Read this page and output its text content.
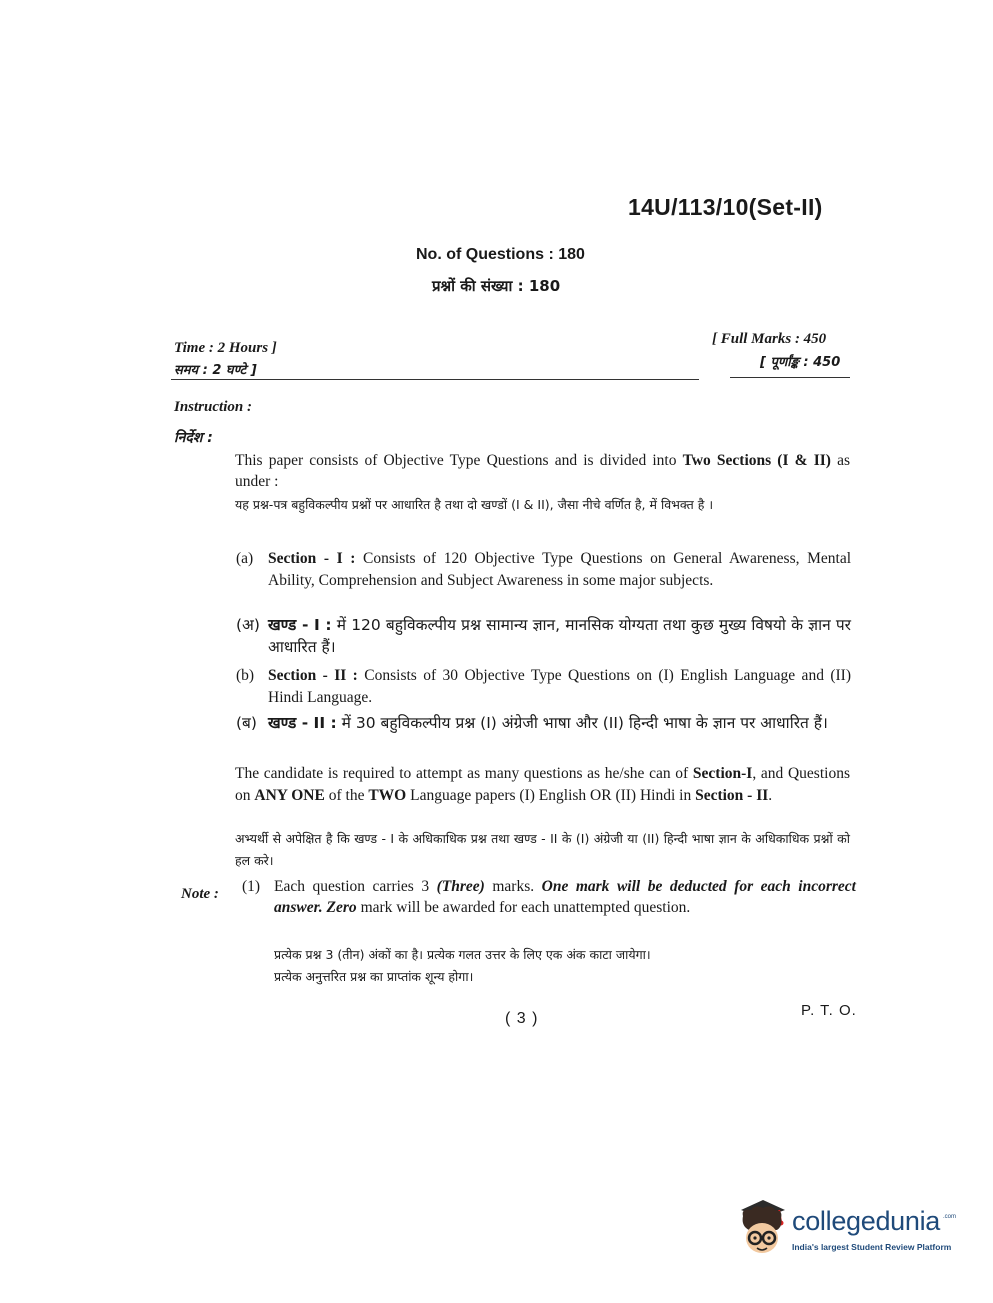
14U/113/10(Set-II)
No. of Questions : 180
प्रश्नों की संख्या : 180
Time : 2 Hours ]
समय : 2 घण्टे ]
[ Full Marks : 450
[ पूर्णांङ्क : 450
Instruction :
निर्देश :
This paper consists of Objective Type Questions and is divided into Two Sections (I & II) as under :
यह प्रश्न-पत्र बहुविकल्पीय प्रश्नों पर आधारित है तथा दो खण्डों (I & II), जैसा नीचे वर्णित है, में विभक्त है ।
(a) Section - I : Consists of 120 Objective Type Questions on General Awareness, Mental Ability, Comprehension and Subject Awareness in some major subjects.
(अ) खण्ड - I : में 120 बहुविकल्पीय प्रश्न सामान्य ज्ञान, मानसिक योग्यता तथा कुछ मुख्य विषयो के ज्ञान पर आधारित हैं।
(b) Section - II : Consists of 30 Objective Type Questions on (I) English Language and (II) Hindi Language.
(ब) खण्ड - II : में 30 बहुविकल्पीय प्रश्न (I) अंग्रेजी भाषा और (II) हिन्दी भाषा के ज्ञान पर आधारित हैं।
The candidate is required to attempt as many questions as he/she can of Section-I, and Questions on ANY ONE of the TWO Language papers (I) English OR (II) Hindi in Section - II.
अभ्यर्थी से अपेक्षित है कि खण्ड - I के अधिकाधिक प्रश्न तथा खण्ड - II के (I) अंग्रेजी या (II) हिन्दी भाषा ज्ञान के अधिकाधिक प्रश्नों को हल करे।
Note : (1) Each question carries 3 (Three) marks. One mark will be deducted for each incorrect answer. Zero mark will be awarded for each unattempted question.
प्रत्येक प्रश्न 3 (तीन) अंकों का है। प्रत्येक गलत उत्तर के लिए एक अंक काटा जायेगा।
प्रत्येक अनुत्तरित प्रश्न का प्राप्तांक शून्य होगा।
( 3 )	P. T. O.
collegedunia .com
India's largest Student Review Platform
